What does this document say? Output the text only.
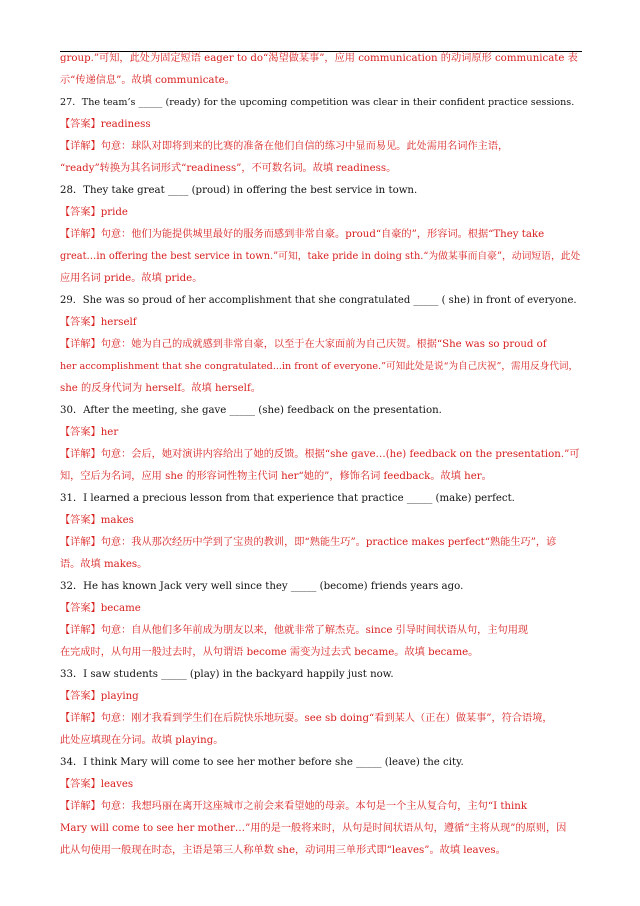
group.”可知，此处为固定短语 eager to do“渴望做某事”，应用 communication 的动词原形 communicate 表
示“传递信息”。故填 communicate。
27．The team’s _____ (ready) for the upcoming competition was clear in their confident practice sessions.
【答案】readiness
【详解】句意：球队对即将到来的比赛的准备在他们自信的练习中显而易见。此处需用名词作主语，
“ready”转换为其名词形式“readiness”，不可数名词。故填 readiness。
28．They take great ____ (proud) in offering the best service in town.
【答案】pride
【详解】句意：他们为能提供城里最好的服务而感到非常自豪。proud“自豪的”，形容词。根据“They take
great…in offering the best service in town.”可知，take pride in doing sth.“为做某事而自豪”，动词短语，此处
应用名词 pride。故填 pride。
29．She was so proud of her accomplishment that she congratulated _____ ( she) in front of everyone.
【答案】herself
【详解】句意：她为自己的成就感到非常自豪，以至于在大家面前为自己庆贺。根据“She was so proud of
her accomplishment that she congratulated...in front of everyone.”可知此处是说“为自己庆祝”，需用反身代词，
she 的反身代词为 herself。故填 herself。
30．After the meeting, she gave _____ (she) feedback on the presentation.
【答案】her
【详解】句意：会后，她对演讲内容给出了她的反馈。根据“she gave…(he) feedback on the presentation.”可
知，空后为名词，应用 she 的形容词性物主代词 her“她的”，修饰名词 feedback。故填 her。
31．I learned a precious lesson from that experience that practice _____ (make) perfect.
【答案】makes
【详解】句意：我从那次经历中学到了宝贵的教训，即“熟能生巧”。practice makes perfect“熟能生巧”，谚
语。故填 makes。
32．He has known Jack very well since they _____ (become) friends years ago.
【答案】became
【详解】句意：自从他们多年前成为朋友以来，他就非常了解杰克。since 引导时间状语从句，主句用现
在完成时，从句用一般过去时，从句谓语 become 需变为过去式 became。故填 became。
33．I saw students _____ (play) in the backyard happily just now.
【答案】playing
【详解】句意：刚才我看到学生们在后院快乐地玩耍。see sb doing“看到某人（正在）做某事”，符合语境，
此处应填现在分词。故填 playing。
34．I think Mary will come to see her mother before she _____ (leave) the city.
【答案】leaves
【详解】句意：我想玛丽在离开这座城市之前会来看望她的母亲。本句是一个主从复合句，主句“I think
Mary will come to see her mother…”用的是一般将来时，从句是时间状语从句，遵循“主将从现”的原则，因
此从句使用一般现在时态，主语是第三人称单数 she，动词用三单形式即“leaves”。故填 leaves。
